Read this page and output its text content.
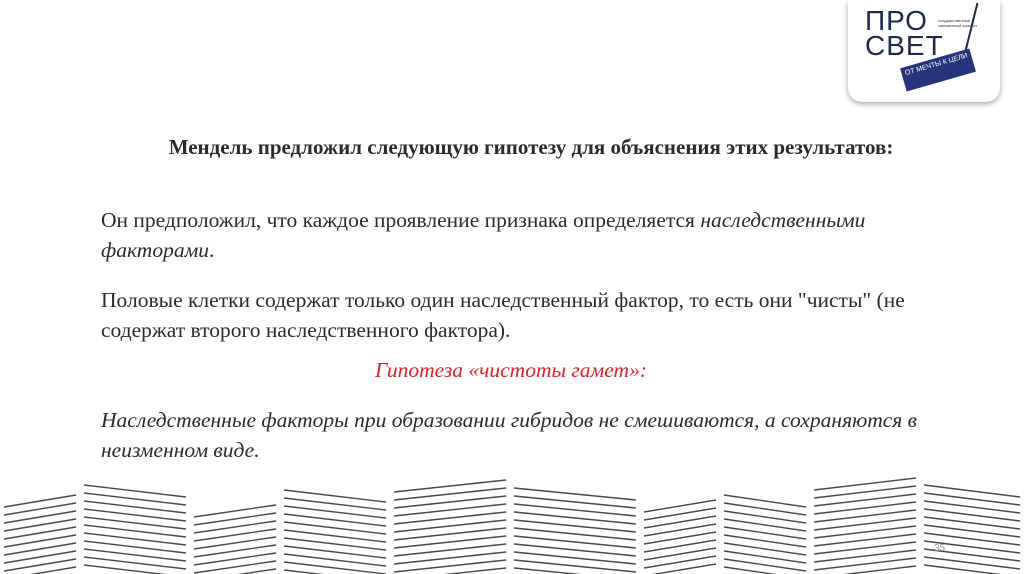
ПРО
СВЕТ
государственный таможенный комитет
ОТ МЕЧТЫ К ЦЕЛИ

Мендель предложил следующую гипотезу для объяснения этих результатов:

Он предположил, что каждое проявление признака определяется наследственными факторами.

Половые клетки содержат только один наследственный фактор, то есть они "чисты" (не содержат второго наследственного фактора).

Гипотеза «чистоты гамет»:

Наследственные факторы при образовании гибридов не смешиваются, а сохраняются в неизменном виде.

35
